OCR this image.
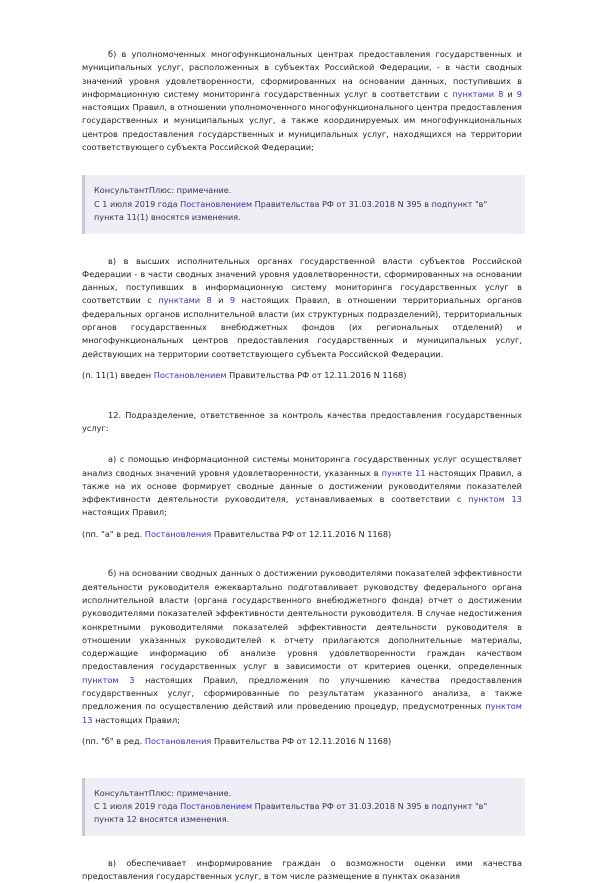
б) в уполномоченных многофункциональных центрах предоставления государственных и муниципальных услуг, расположенных в субъектах Российской Федерации, - в части сводных значений уровня удовлетворенности, сформированных на основании данных, поступивших в информационную систему мониторинга государственных услуг в соответствии с пунктами 8 и 9 настоящих Правил, в отношении уполномоченного многофункционального центра предоставления государственных и муниципальных услуг, а также координируемых им многофункциональных центров предоставления государственных и муниципальных услуг, находящихся на территории соответствующего субъекта Российской Федерации;

КонсультантПлюс: примечание.
С 1 июля 2019 года Постановлением Правительства РФ от 31.03.2018 N 395 в подпункт "в" пункта 11(1) вносятся изменения.

в) в высших исполнительных органах государственной власти субъектов Российской Федерации - в части сводных значений уровня удовлетворенности, сформированных на основании данных, поступивших в информационную систему мониторинга государственных услуг в соответствии с пунктами 8 и 9 настоящих Правил, в отношении территориальных органов федеральных органов исполнительной власти (их структурных подразделений), территориальных органов государственных внебюджетных фондов (их региональных отделений) и многофункциональных центров предоставления государственных и муниципальных услуг, действующих на территории соответствующего субъекта Российской Федерации.

(п. 11(1) введен Постановлением Правительства РФ от 12.11.2016 N 1168)

12. Подразделение, ответственное за контроль качества предоставления государственных услуг:

а) с помощью информационной системы мониторинга государственных услуг осуществляет анализ сводных значений уровня удовлетворенности, указанных в пункте 11 настоящих Правил, а также на их основе формирует сводные данные о достижении руководителями показателей эффективности деятельности руководителя, устанавливаемых в соответствии с пунктом 13 настоящих Правил;

(пп. "а" в ред. Постановления Правительства РФ от 12.11.2016 N 1168)

б) на основании сводных данных о достижении руководителями показателей эффективности деятельности руководителя ежеквартально подготавливает руководству федерального органа исполнительной власти (органа государственного внебюджетного фонда) отчет о достижении руководителями показателей эффективности деятельности руководителя. В случае недостижения конкретными руководителями показателей эффективности деятельности руководителя в отношении указанных руководителей к отчету прилагаются дополнительные материалы, содержащие информацию об анализе уровня удовлетворенности граждан качеством предоставления государственных услуг в зависимости от критериев оценки, определенных пунктом 3 настоящих Правил, предложения по улучшению качества предоставления государственных услуг, сформированные по результатам указанного анализа, а также предложения по осуществлению действий или проведению процедур, предусмотренных пунктом 13 настоящих Правил;

(пп. "б" в ред. Постановления Правительства РФ от 12.11.2016 N 1168)

КонсультантПлюс: примечание.
С 1 июля 2019 года Постановлением Правительства РФ от 31.03.2018 N 395 в подпункт "в" пункта 12 вносятся изменения.

в) обеспечивает информирование граждан о возможности оценки ими качества предоставления государственных услуг, в том числе размещение в пунктах оказания
